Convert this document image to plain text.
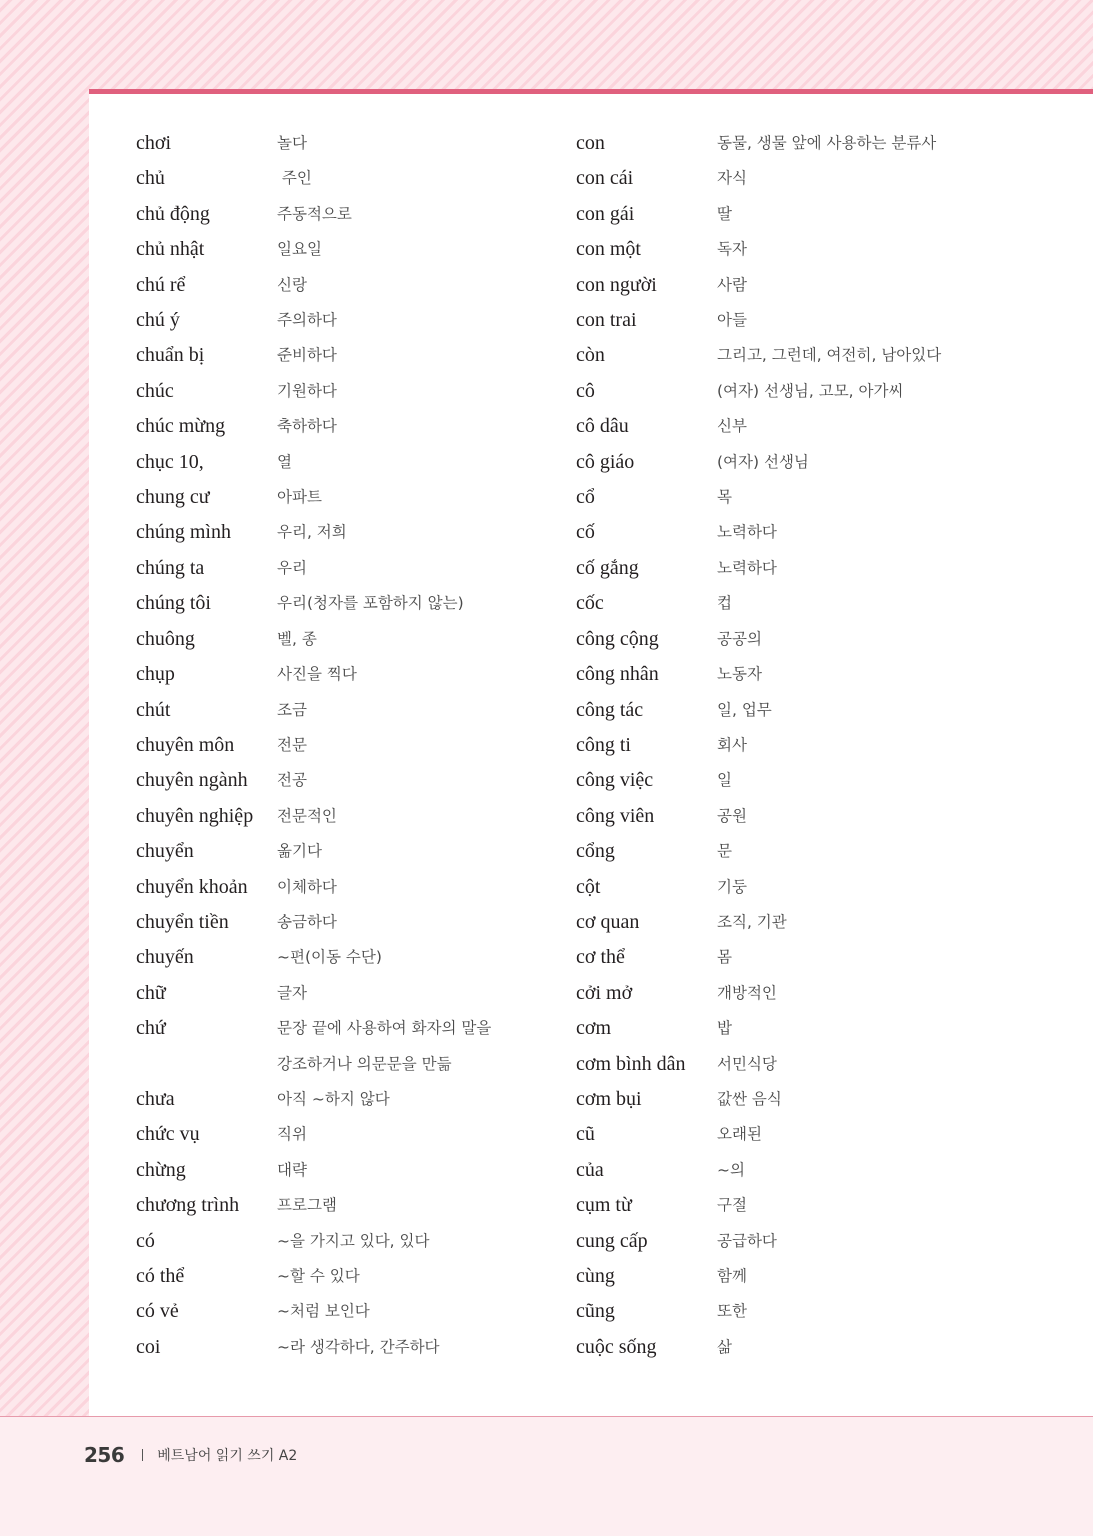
chơi	놀다
chủ	주인
chủ động	주동적으로
chủ nhật	일요일
chú rể	신랑
chú ý	주의하다
chuẩn bị	준비하다
chúc	기원하다
chúc mừng	축하하다
chục 10,	열
chung cư	아파트
chúng mình	우리, 저희
chúng ta	우리
chúng tôi	우리(청자를 포함하지 않는)
chuông	벨, 종
chụp	사진을 찍다
chút	조금
chuyên môn	전문
chuyên ngành	전공
chuyên nghiệp	전문적인
chuyển	옮기다
chuyển khoản	이체하다
chuyển tiền	송금하다
chuyến	~편(이동 수단)
chữ	글자
chứ	문장 끝에 사용하여 화자의 말을
강조하거나 의문문을 만듦
chưa	아직 ~하지 않다
chức vụ	직위
chừng	대략
chương trình	프로그램
có	~을 가지고 있다, 있다
có thể	~할 수 있다
có vẻ	~처럼 보인다
coi	~라 생각하다, 간주하다
con	동물, 생물 앞에 사용하는 분류사
con cái	자식
con gái	딸
con một	독자
con người	사람
con trai	아들
còn	그리고, 그런데, 여전히, 남아있다
cô	(여자) 선생님, 고모, 아가씨
cô dâu	신부
cô giáo	(여자) 선생님
cổ	목
cố	노력하다
cố gắng	노력하다
cốc	컵
công cộng	공공의
công nhân	노동자
công tác	일, 업무
công ti	회사
công việc	일
công viên	공원
cổng	문
cột	기둥
cơ quan	조직, 기관
cơ thể	몸
cởi mở	개방적인
cơm	밥
cơm bình dân	서민식당
cơm bụi	값싼 음식
cũ	오래된
của	~의
cụm từ	구절
cung cấp	공급하다
cùng	함께
cũng	또한
cuộc sống	삶
256 베트남어 읽기 쓰기 A2
